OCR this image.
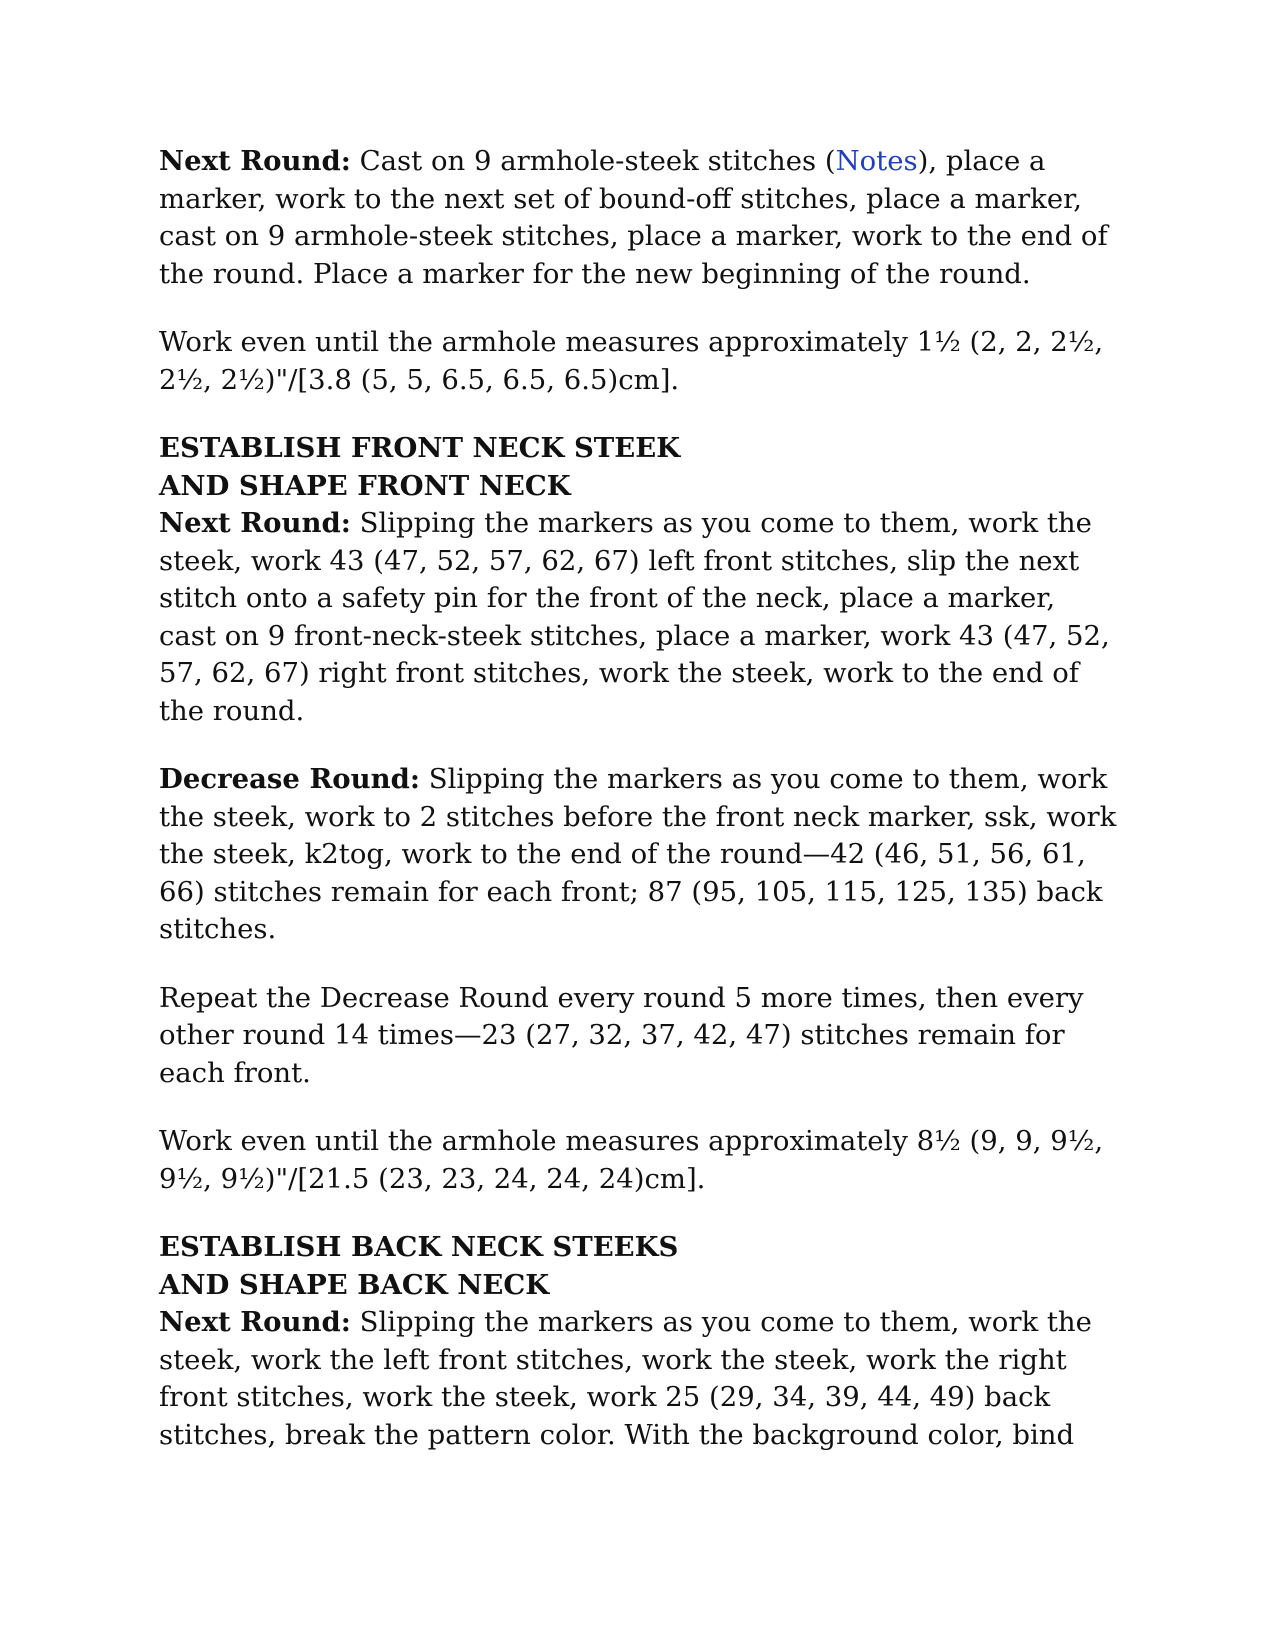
Next Round: Cast on 9 armhole-steek stitches (Notes), place a marker, work to the next set of bound-off stitches, place a marker, cast on 9 armhole-steek stitches, place a marker, work to the end of the round. Place a marker for the new beginning of the round.

Work even until the armhole measures approximately 1½ (2, 2, 2½, 2½, 2½)"/[3.8 (5, 5, 6.5, 6.5, 6.5)cm].

ESTABLISH FRONT NECK STEEK
AND SHAPE FRONT NECK
Next Round: Slipping the markers as you come to them, work the steek, work 43 (47, 52, 57, 62, 67) left front stitches, slip the next stitch onto a safety pin for the front of the neck, place a marker, cast on 9 front-neck-steek stitches, place a marker, work 43 (47, 52, 57, 62, 67) right front stitches, work the steek, work to the end of the round.

Decrease Round: Slipping the markers as you come to them, work the steek, work to 2 stitches before the front neck marker, ssk, work the steek, k2tog, work to the end of the round—42 (46, 51, 56, 61, 66) stitches remain for each front; 87 (95, 105, 115, 125, 135) back stitches.

Repeat the Decrease Round every round 5 more times, then every other round 14 times—23 (27, 32, 37, 42, 47) stitches remain for each front.

Work even until the armhole measures approximately 8½ (9, 9, 9½, 9½, 9½)"/[21.5 (23, 23, 24, 24, 24)cm].

ESTABLISH BACK NECK STEEKS
AND SHAPE BACK NECK
Next Round: Slipping the markers as you come to them, work the steek, work the left front stitches, work the steek, work the right front stitches, work the steek, work 25 (29, 34, 39, 44, 49) back stitches, break the pattern color. With the background color, bind
